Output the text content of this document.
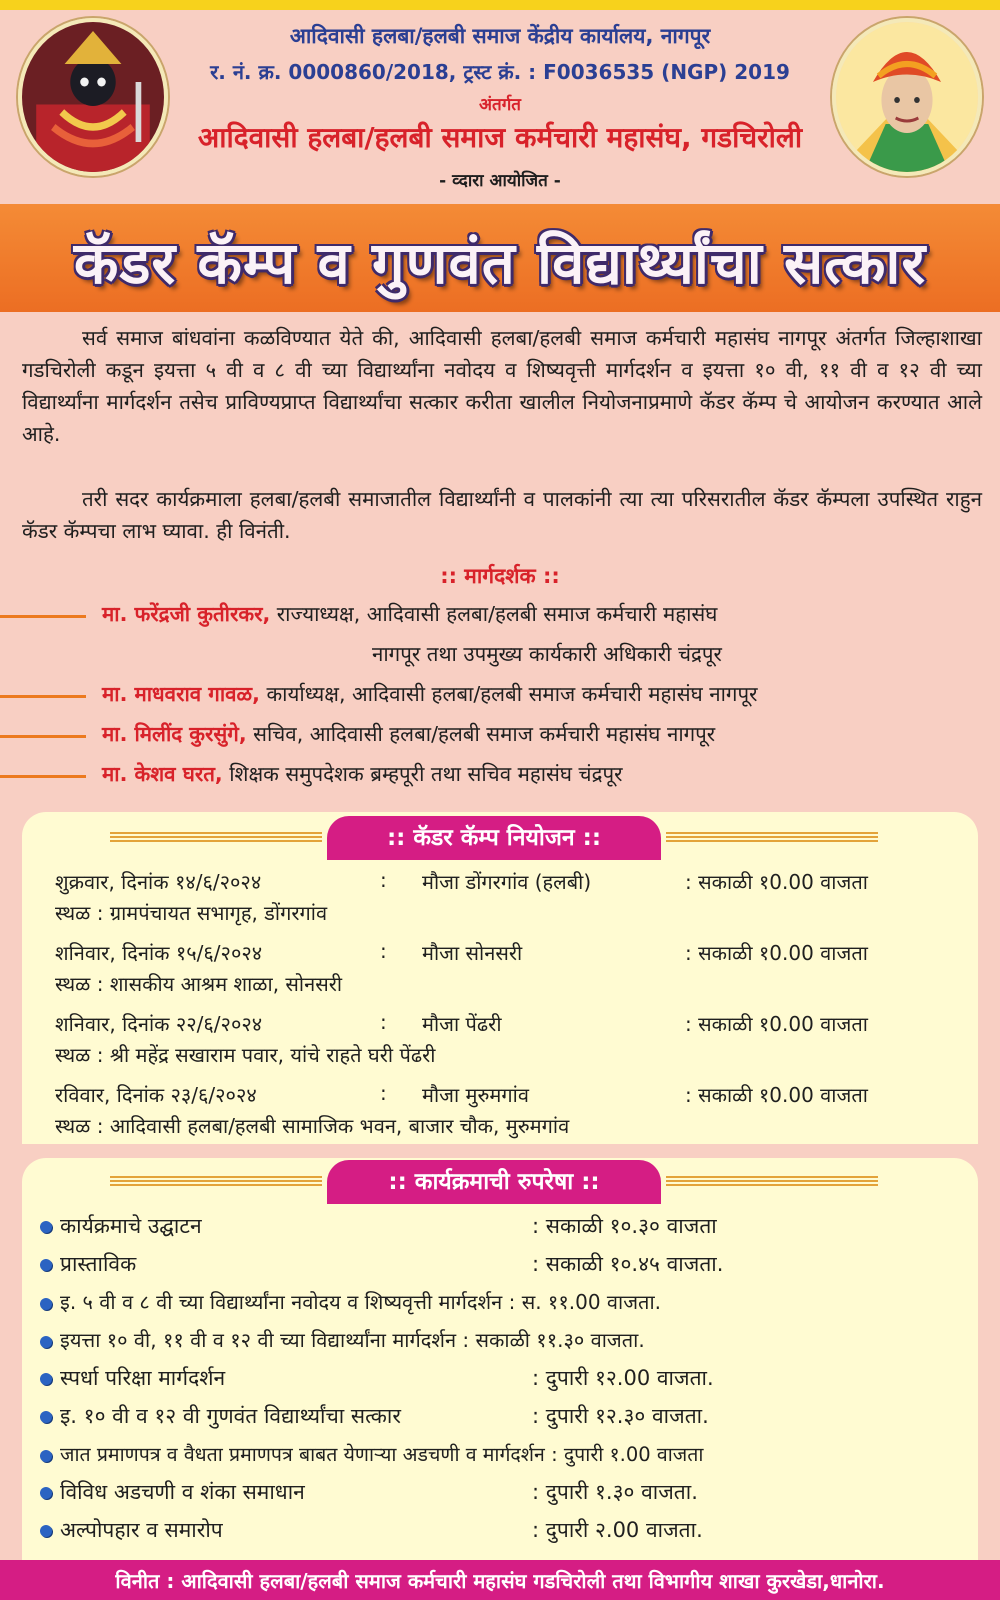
आदिवासी हलबा/हलबी समाज केंद्रीय कार्यालय, नागपूर
र. नं. क्र. 0000860/2018, ट्रस्ट क्रं. : F0036535 (NGP) 2019
अंतर्गत
आदिवासी हलबा/हलबी समाज कर्मचारी महासंघ, गडचिरोली
- व्दारा आयोजित -
कॅडर कॅम्प व गुणवंत विद्यार्थ्यांचा सत्कार
सर्व समाज बांधवांना कळविण्यात येते की, आदिवासी हलबा/हलबी समाज कर्मचारी महासंघ नागपूर अंतर्गत जिल्हाशाखा गडचिरोली कडून इयत्ता ५ वी व ८ वी च्या विद्यार्थ्यांना नवोदय व शिष्यवृत्ती मार्गदर्शन व इयत्ता १० वी, ११ वी व १२ वी च्या विद्यार्थ्यांना मार्गदर्शन तसेच प्राविण्यप्राप्त विद्यार्थ्यांचा सत्कार करीता खालील नियोजनाप्रमाणे कॅडर कॅम्प चे आयोजन करण्यात आले आहे.
तरी सदर कार्यक्रमाला हलबा/हलबी समाजातील विद्यार्थ्यांनी व पालकांनी त्या त्या परिसरातील कॅडर कॅम्पला उपस्थित राहुन कॅडर कॅम्पचा लाभ घ्यावा. ही विनंती.
:: मार्गदर्शक ::
मा. फरेंद्रजी कुतीरकर, राज्याध्यक्ष, आदिवासी हलबा/हलबी समाज कर्मचारी महासंघ
नागपूर तथा उपमुख्य कार्यकारी अधिकारी चंद्रपूर
मा. माधवराव गावळ, कार्याध्यक्ष, आदिवासी हलबा/हलबी समाज कर्मचारी महासंघ नागपूर
मा. मिलींद कुरसुंगे, सचिव, आदिवासी हलबा/हलबी समाज कर्मचारी महासंघ नागपूर
मा. केशव घरत, शिक्षक समुपदेशक ब्रम्हपूरी तथा सचिव महासंघ चंद्रपूर
:: कॅडर कॅम्प नियोजन ::
शुक्रवार, दिनांक १४/६/२०२४	: मौजा डोंगरगांव (हलबी)	: सकाळी १0.00 वाजता
स्थळ : ग्रामपंचायत सभागृह, डोंगरगांव
शनिवार, दिनांक १५/६/२०२४	: मौजा सोनसरी	: सकाळी १0.00 वाजता
स्थळ : शासकीय आश्रम शाळा, सोनसरी
शनिवार, दिनांक २२/६/२०२४	: मौजा पेंढरी	: सकाळी १0.00 वाजता
स्थळ : श्री महेंद्र सखाराम पवार, यांचे राहते घरी पेंढरी
रविवार, दिनांक २३/६/२०२४	: मौजा मुरुमगांव	: सकाळी १0.00 वाजता
स्थळ : आदिवासी हलबा/हलबी सामाजिक भवन, बाजार चौक, मुरुमगांव
:: कार्यक्रमाची रुपरेषा ::
कार्यक्रमाचे उद्घाटन	: सकाळी १०.३० वाजता
प्रास्ताविक	: सकाळी १०.४५ वाजता.
इ. ५ वी व ८ वी च्या विद्यार्थ्यांना नवोदय व शिष्यवृत्ती मार्गदर्शन : स. ११.00 वाजता.
इयत्ता १० वी, ११ वी व १२ वी च्या विद्यार्थ्यांना मार्गदर्शन : सकाळी ११.३० वाजता.
स्पर्धा परिक्षा मार्गदर्शन	: दुपारी १२.00 वाजता.
इ. १० वी व १२ वी गुणवंत विद्यार्थ्यांचा सत्कार	: दुपारी १२.३० वाजता.
जात प्रमाणपत्र व वैधता प्रमाणपत्र बाबत येणाऱ्या अडचणी व मार्गदर्शन : दुपारी १.00 वाजता
विविध अडचणी व शंका समाधान	: दुपारी १.३० वाजता.
अल्पोपहार व समारोप	: दुपारी २.00 वाजता.
विनीत : आदिवासी हलबा/हलबी समाज कर्मचारी महासंघ गडचिरोली तथा विभागीय शाखा कुरखेडा,धानोरा.
